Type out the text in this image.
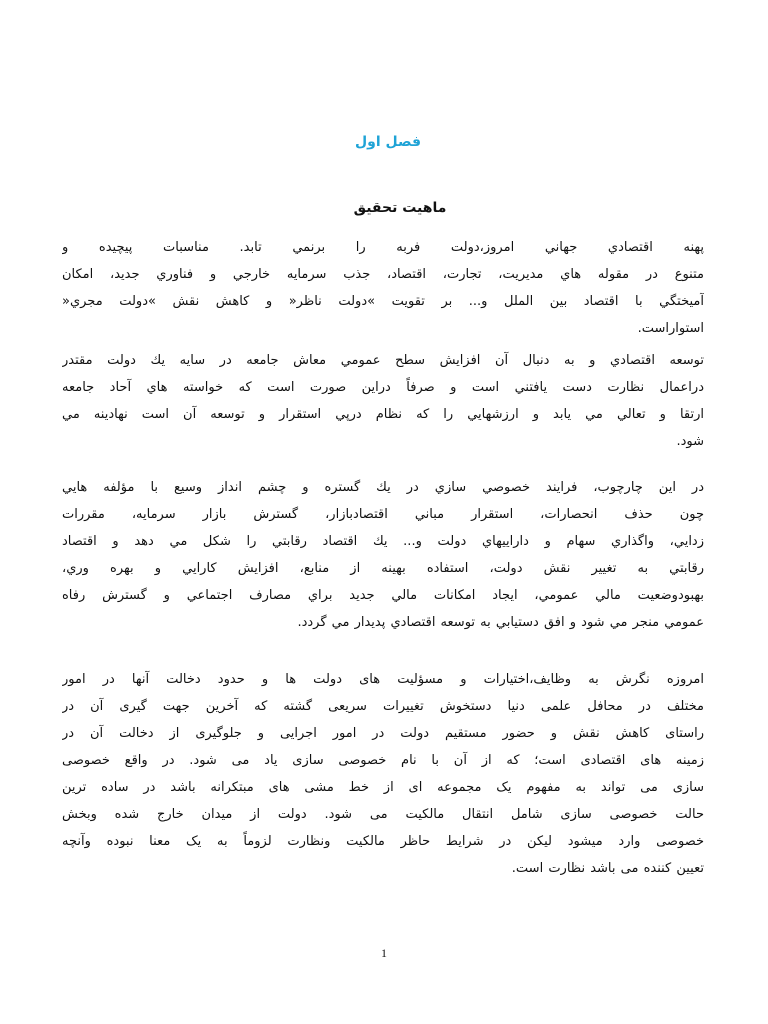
فصل اول
ماهيت تحقيق
پهنه اقتصادي جهاني امروز،دولت فربه را برنمي تابد. مناسبات پيچيده و
متنوع در مقوله هاي مديريت، تجارت، اقتصاد، جذب سرمايه خارجي و فناوري جديد، امكان
آميختگي با اقتصاد بين الملل و... بر تقويت »دولت ناظر« و كاهش نقش »دولت مجري«
استواراست.
توسعه اقتصادي و به دنبال آن افزايش سطح عمومي معاش جامعه در سايه يك دولت مقتدر
دراعمال نظارت دست يافتني است و صرفاً دراين صورت است كه خواسته هاي آحاد جامعه
ارتقا و تعالي مي يابد و ارزشهايي را كه نظام درپي استقرار و توسعه آن است نهادينه مي
شود.
در اين چارچوب، فرايند خصوصي سازي در يك گستره و چشم انداز وسيع با مؤلفه هايي
چون حذف انحصارات، استقرار مباني اقتصادبازار، گسترش بازار سرمايه، مقررات
زدايي، واگذاري سهام و داراييهاي دولت و... يك اقتصاد رقابتي را شكل مي دهد و اقتصاد
رقابتي به تغيير نقش دولت، استفاده بهينه از منابع، افزايش كارايي و بهره وري،
بهبودوضعيت مالي عمومي، ايجاد امكانات مالي جديد براي مصارف اجتماعي و گسترش رفاه
عمومي منجر مي شود و افق دستيابي به توسعه اقتصادي پديدار مي گردد.
امروزه نگرش به وظايف،اختيارات و مسؤليت های دولت ها و حدود دخالت آنها در امور
مختلف در محافل علمی دنيا دستخوش تغييرات سريعی گشته كه آخرين جهت گيری آن در
راستای كاهش نقش و حضور مستقيم دولت در امور اجرايی و جلوگيری از دخالت آن در
زمينه های اقتصادی است؛ كه از آن با نام خصوصی سازی ياد می شود. در واقع خصوصی
سازی می تواند به مفهوم يک مجموعه ای از خط مشی های مبتكرانه باشد در ساده ترين
حالت خصوصی سازی شامل انتقال مالكيت می شود. دولت از ميدان خارج شده وبخش
خصوصی وارد ميشود ليكن در شرايط حاظر مالكيت ونظارت لزوماً به يک معنا نبوده وآنچه
تعيين كننده می باشد نظارت است.
1
